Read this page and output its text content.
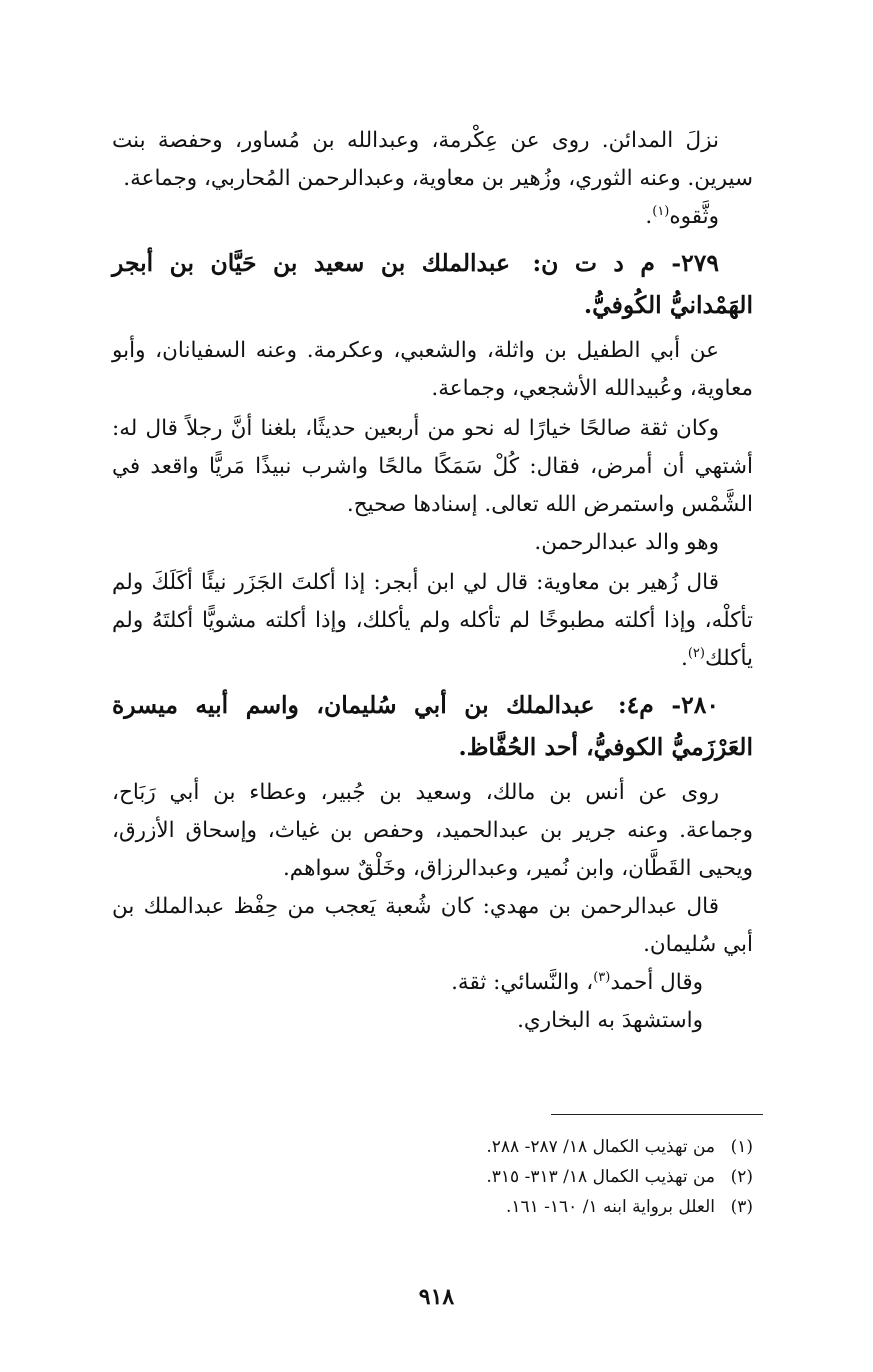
نزلَ المدائن. روى عن عِكْرمة، وعبدالله بن مُساور، وحفصة بنت سيرين. وعنه الثوري، وزُهير بن معاوية، وعبدالرحمن المُحاربي، وجماعة.

وثَّقوه$^{(١)}$.

٢٧٩- م د ت ن: عبدالملك بن سعيد بن حَيَّان بن أبجر الهَمْدانيُّ الكُوفيُّ.

عن أبي الطفيل بن واثلة، والشعبي، وعكرمة. وعنه السفيانان، وأبو معاوية، وعُبيدالله الأشجعي، وجماعة.

وكان ثقة صالحًا خيارًا له نحو من أربعين حديثًا، بلغنا أنَّ رجلاً قال له: أشتهي أن أمرض، فقال: كُلْ سَمَكًا مالحًا واشرب نبيذًا مَريًّا واقعد في الشَّمْس واستمرض الله تعالى. إسنادها صحيح.

وهو والد عبدالرحمن.

قال زُهير بن معاوية: قال لي ابن أبجر: إذا أكلتَ الجَزَر نيئًا أكَلَكَ ولم تأكلْه، وإذا أكلته مطبوخًا لم تأكله ولم يأكلك، وإذا أكلته مشويًّا أكلتَهُ ولم يأكلك$^{(٢)}$.

٢٨٠- م٤: عبدالملك بن أبي سُليمان، واسم أبيه ميسرة العَرْزَميُّ الكوفيُّ، أحد الحُفَّاظ.

روى عن أنس بن مالك، وسعيد بن جُبير، وعطاء بن أبي رَبَاح، وجماعة. وعنه جرير بن عبدالحميد، وحفص بن غياث، وإسحاق الأزرق، ويحيى القَطَّان، وابن نُمير، وعبدالرزاق، وخَلْقٌ سواهم.

قال عبدالرحمن بن مهدي: كان شُعبة يَعجب من حِفْظ عبدالملك بن أبي سُليمان.

وقال أحمد$^{(٣)}$، والنَّسائي: ثقة.

واستشهدَ به البخاري.

(١)من تهذيب الكمال ١٨/ ٢٨٧- ٢٨٨.

(٢)من تهذيب الكمال ١٨/ ٣١٣- ٣١٥.

(٣)العلل برواية ابنه ١/ ١٦٠- ١٦١.

٩١٨
